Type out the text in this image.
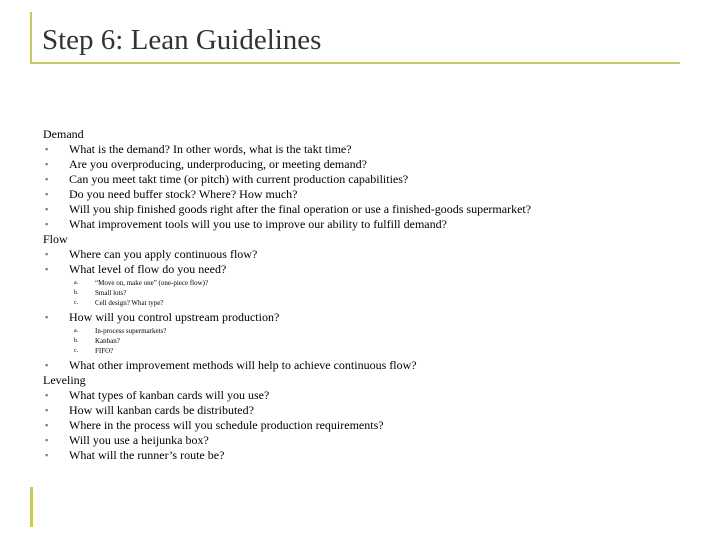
Step 6: Lean Guidelines
Demand
▪ What is the demand? In other words, what is the takt time?
▪ Are you overproducing, underproducing, or meeting demand?
▪ Can you meet takt time (or pitch) with current production capabilities?
▪ Do you need buffer stock? Where? How much?
▪ Will you ship finished goods right after the final operation or use a finished-goods supermarket?
▪ What improvement tools will you use to improve our ability to fulfill demand?
Flow
▪ Where can you apply continuous flow?
▪ What level of flow do you need?
a. “Move on, make one” (one-piece flow)?
b. Small lots?
c. Cell design? What type?
▪ How will you control upstream production?
a. In-process supermarkets?
b. Kanban?
c. FIFO?
▪ What other improvement methods will help to achieve continuous flow?
Leveling
▪ What types of kanban cards will you use?
▪ How will kanban cards be distributed?
▪ Where in the process will you schedule production requirements?
▪ Will you use a heijunka box?
▪ What will the runner’s route be?
